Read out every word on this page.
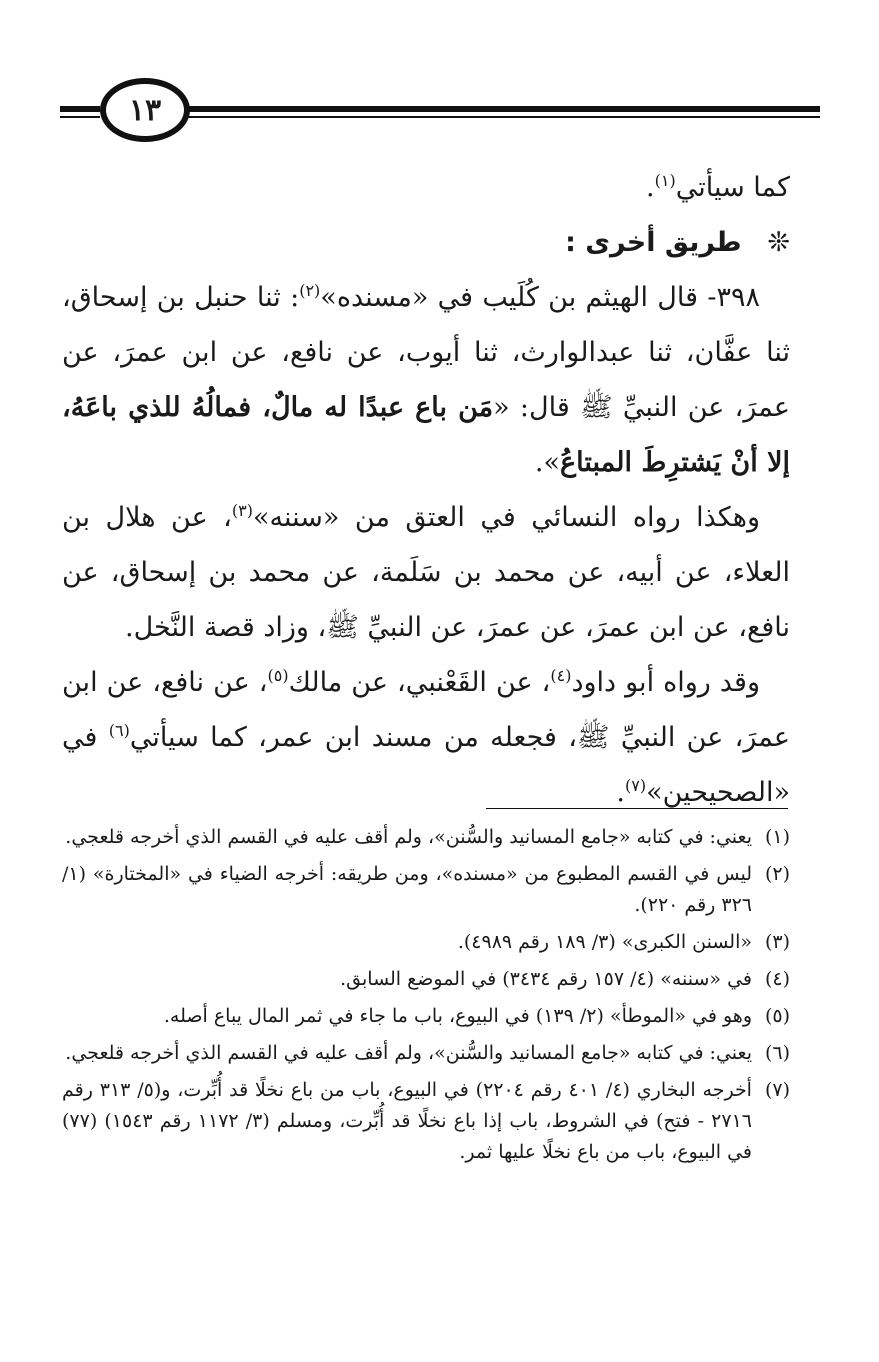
١٣

كما سيأتي$^{(١)}$.

❊   طريق أخرى :

٣٩٨- قال الهيثم بن كُلَيب في «مسنده»$^{(٢)}$: ثنا حنبل بن إسحاق، ثنا عفَّان، ثنا عبدالوارث، ثنا أيوب، عن نافع، عن ابن عمرَ، عن عمرَ، عن النبيِّ ﷺ قال: «مَن باع عبدًا له مالٌ، فمالُهُ للذي باعَهُ، إلا أنْ يَشترِطَ المبتاعُ».

وهكذا رواه النسائي في العتق من «سننه»$^{(٣)}$، عن هلال بن العلاء، عن أبيه، عن محمد بن سَلَمة، عن محمد بن إسحاق، عن نافع، عن ابن عمرَ، عن عمرَ، عن النبيِّ ﷺ، وزاد قصة النَّخل.

وقد رواه أبو داود$^{(٤)}$، عن القَعْنبي، عن مالك$^{(٥)}$، عن نافع، عن ابن عمرَ، عن النبيِّ ﷺ، فجعله من مسند ابن عمر، كما سيأتي$^{(٦)}$ في «الصحيحين»$^{(٧)}$.

(١)
يعني: في كتابه «جامع المسانيد والسُّنن»، ولم أقف عليه في القسم الذي أخرجه قلعجي.
(٢)
ليس في القسم المطبوع من «مسنده»، ومن طريقه: أخرجه الضياء في «المختارة» (١/ ٣٢٦ رقم ٢٢٠).
(٣)
«السنن الكبرى» (٣/ ١٨٩ رقم ٤٩٨٩).
(٤)
في «سننه» (٤/ ١٥٧ رقم ٣٤٣٤) في الموضع السابق.
(٥)
وهو في «الموطأ» (٢/ ١٣٩) في البيوع، باب ما جاء في ثمر المال يباع أصله.
(٦)
يعني: في كتابه «جامع المسانيد والسُّنن»، ولم أقف عليه في القسم الذي أخرجه قلعجي.
(٧)
أخرجه البخاري (٤/ ٤٠١ رقم ٢٢٠٤) في البيوع، باب من باع نخلًا قد أُبِّرت، و(٥/ ٣١٣ رقم ٢٧١٦ - فتح) في الشروط، باب إذا باع نخلًا قد أُبِّرت، ومسلم (٣/ ١١٧٢ رقم ١٥٤٣) (٧٧) في البيوع، باب من باع نخلًا عليها ثمر.
